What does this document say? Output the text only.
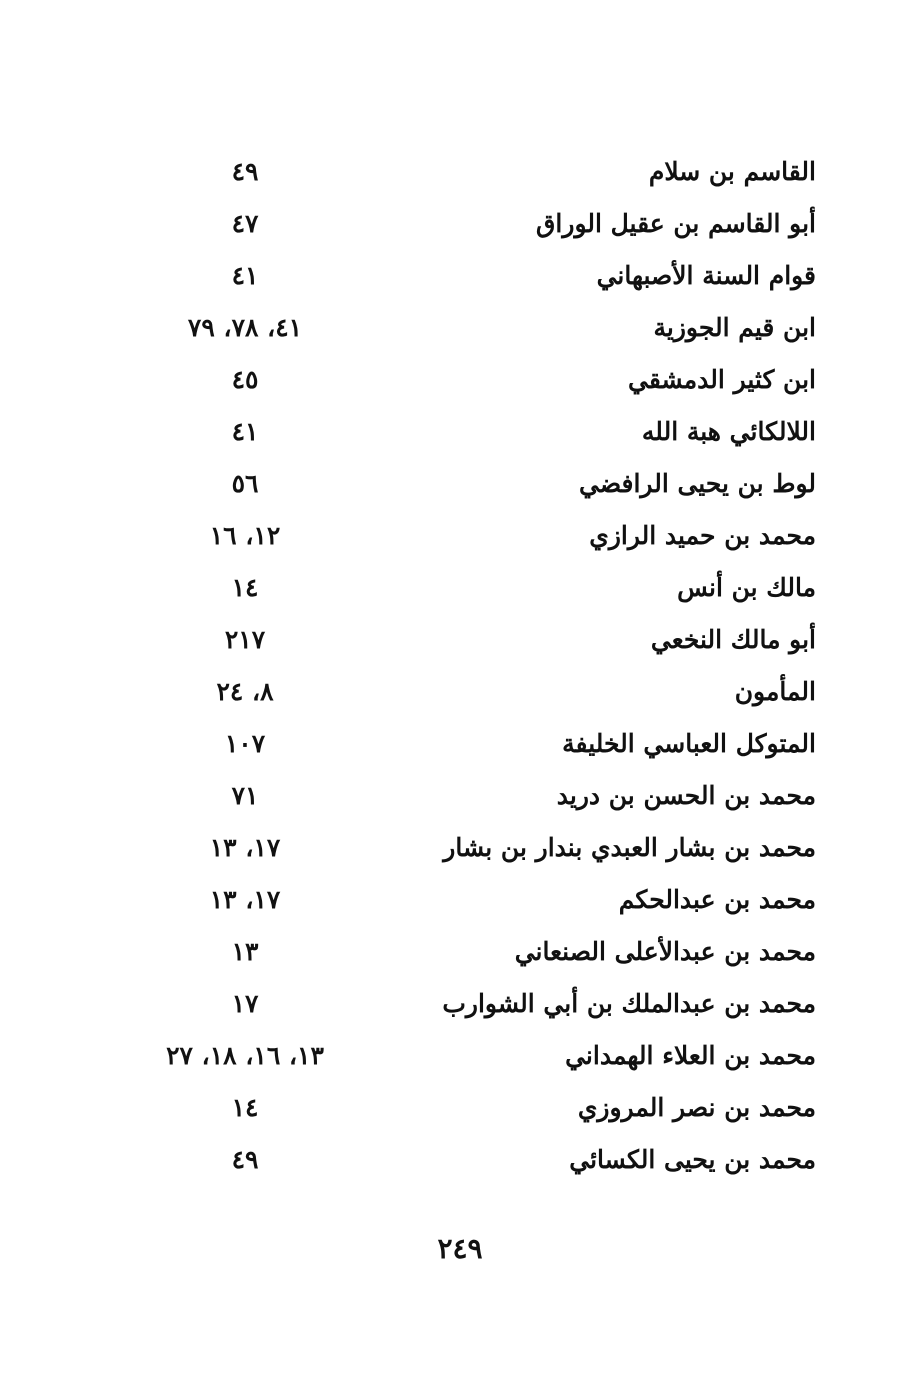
القاسم بن سلام
٤٩
أبو القاسم بن عقيل الوراق
٤٧
قوام السنة الأصبهاني
٤١
ابن قيم الجوزية
٤١، ٧٨، ٧٩
ابن كثير الدمشقي
٤٥
اللالكائي هبة الله
٤١
لوط بن يحيى الرافضي
٥٦
محمد بن حميد الرازي
١٢، ١٦
مالك بن أنس
١٤
أبو مالك النخعي
٢١٧
المأمون
٨، ٢٤
المتوكل العباسي الخليفة
١٠٧
محمد بن الحسن بن دريد
٧١
محمد بن بشار العبدي بندار بن بشار
١٧، ١٣
محمد بن عبدالحكم
١٧، ١٣
محمد بن عبدالأعلى الصنعاني
١٣
محمد بن عبدالملك بن أبي الشوارب
١٧
محمد بن العلاء الهمداني
١٣، ١٦، ١٨، ٢٧
محمد بن نصر المروزي
١٤
محمد بن يحيى الكسائي
٤٩
٢٤٩
